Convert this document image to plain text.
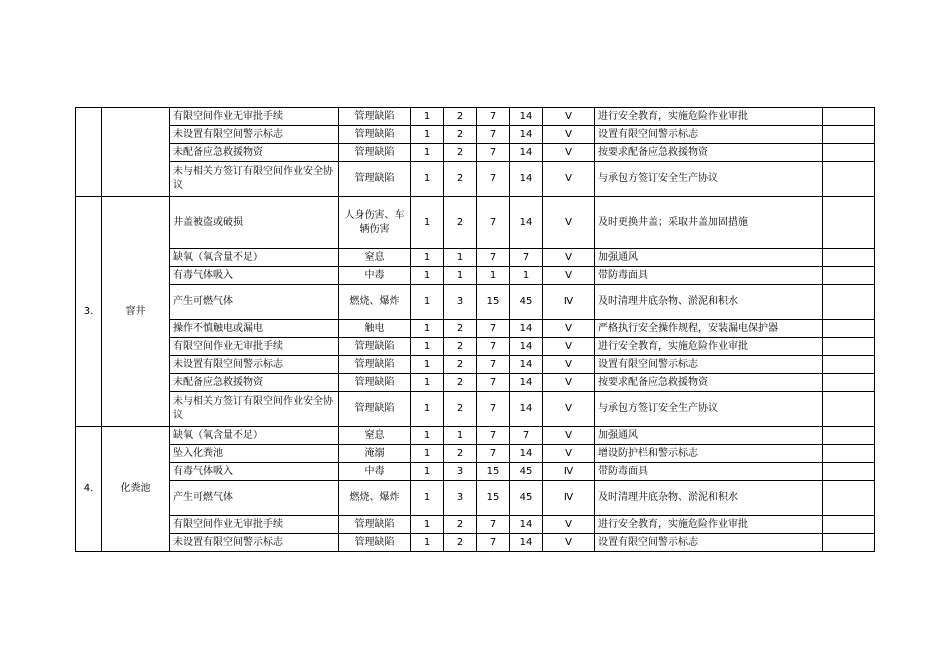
		有限空间作业无审批手续	管理缺陷	1	2	7	14	Ⅴ	进行安全教育，实施危险作业审批	
		未设置有限空间警示标志	管理缺陷	1	2	7	14	Ⅴ	设置有限空间警示标志	
		未配备应急救援物资	管理缺陷	1	2	7	14	Ⅴ	按要求配备应急救援物资	
		未与相关方签订有限空间作业安全协议	管理缺陷	1	2	7	14	Ⅴ	与承包方签订安全生产协议	
3.	窨井	井盖被盗或破损	人身伤害、车辆伤害	1	2	7	14	Ⅴ	及时更换井盖；采取井盖加固措施	
		缺氧（氧含量不足）	窒息	1	1	7	7	Ⅴ	加强通风	
		有毒气体吸入	中毒	1	1	1	1	Ⅴ	带防毒面具	
		产生可燃气体	燃烧、爆炸	1	3	15	45	Ⅳ	及时清理井底杂物、淤泥和积水	
		操作不慎触电或漏电	触电	1	2	7	14	Ⅴ	严格执行安全操作规程，安装漏电保护器	
		有限空间作业无审批手续	管理缺陷	1	2	7	14	Ⅴ	进行安全教育，实施危险作业审批	
		未设置有限空间警示标志	管理缺陷	1	2	7	14	Ⅴ	设置有限空间警示标志	
		未配备应急救援物资	管理缺陷	1	2	7	14	Ⅴ	按要求配备应急救援物资	
		未与相关方签订有限空间作业安全协议	管理缺陷	1	2	7	14	Ⅴ	与承包方签订安全生产协议	
4.	化粪池	缺氧（氧含量不足）	窒息	1	1	7	7	Ⅴ	加强通风	
		坠入化粪池	淹溺	1	2	7	14	Ⅴ	增设防护栏和警示标志	
		有毒气体吸入	中毒	1	3	15	45	Ⅳ	带防毒面具	
		产生可燃气体	燃烧、爆炸	1	3	15	45	Ⅳ	及时清理井底杂物、淤泥和积水	
		有限空间作业无审批手续	管理缺陷	1	2	7	14	Ⅴ	进行安全教育，实施危险作业审批	
		未设置有限空间警示标志	管理缺陷	1	2	7	14	Ⅴ	设置有限空间警示标志	
